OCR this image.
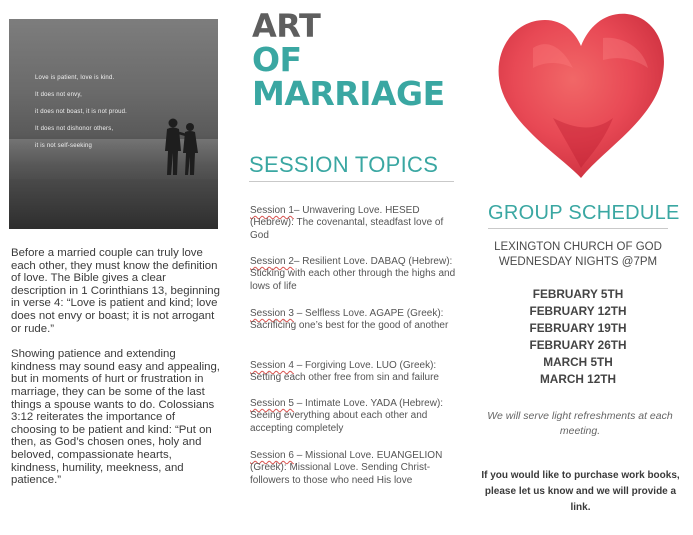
Love is patient, love is kind.
It does not envy,
it does not boast, it is not proud.
It does not dishonor others,
it is not self-seeking

Before a married couple can truly love each other, they must know the definition of love. The Bible gives a clear description in 1 Corinthians 13, beginning in verse 4: “Love is patient and kind; love does not envy or boast; it is not arrogant or rude.”

Showing patience and extending kindness may sound easy and appealing, but in moments of hurt or frustration in marriage, they can be some of the last things a spouse wants to do. Colossians 3:12 reiterates the importance of choosing to be patient and kind: “Put on then, as God’s chosen ones, holy and beloved, compassionate hearts, kindness, humility, meekness, and patience.”

ART
OF
MARRIAGE
SESSION TOPICS
Session 1– Unwavering Love. HESED (Hebrew): The covenantal, steadfast love of God
Session 2– Resilient Love. DABAQ (Hebrew): Sticking with each other through the highs and lows of life
Session 3 – Selfless Love. AGAPE (Greek): Sacrificing one’s best for the good of another
Session 4 – Forgiving Love. LUO (Greek): Setting each other free from sin and failure
Session 5 – Intimate Love. YADA (Hebrew): Seeing everything about each other and accepting completely
Session 6 – Missional Love. EUANGELION (Greek): Missional Love. Sending Christ-followers to those who need His love
GROUP SCHEDULE
LEXINGTON CHURCH OF GOD
WEDNESDAY NIGHTS @7PM
FEBRUARY 5TH
FEBRUARY 12TH
FEBRUARY 19TH
FEBRUARY 26TH
MARCH 5TH
MARCH 12TH
We will serve light refreshments at each meeting.
If you would like to purchase work books, please let us know and we will provide a link.
